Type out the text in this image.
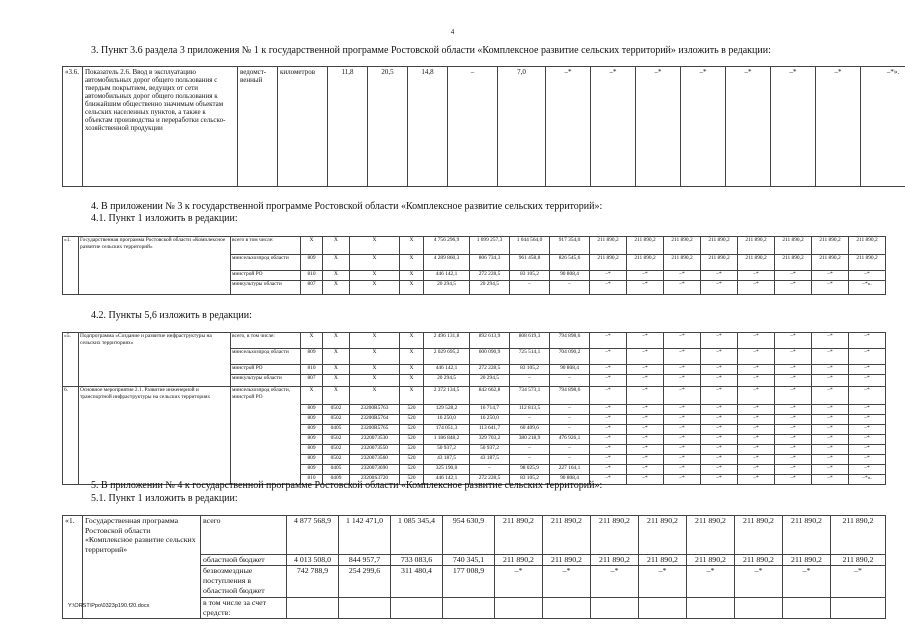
4
3. Пункт 3.6 раздела 3 приложения № 1 к государственной программе Ростовской области «Комплексное развитие сельских территорий» изложить в редакции:
«3.6.	Показатель 2.6. Ввод в эксплуатацию автомобильных дорог общего пользования с твердым покрытием, ведущих от сети автомобильных дорог общего пользования к ближайшим общественно значимым объектам сельских населенных пунктов, а также к объектам производства и переработки сельско-хозяйственной продукции	ведомст-венный	километров	11,8	20,5	14,8	–	7,0	–*	–*	–*	–*	–*	–*	–*	–*».
4. В приложении № 3 к государственной программе Ростовской области «Комплексное развитие сельских территорий»:
4.1. Пункт 1 изложить в редакции:
«1.	Государственная программа Ростовской области «Комплексное развитие сельских территорий»	всего в том числе:	X	X	X	X	4 756 296,9	1 099 257,3	1 044 564,0	917 354,0	211 890,2	211 890,2	211 890,2	211 890,2	211 890,2	211 890,2	211 890,2	211 890,2
		минсельхозпрод области	809	X	X	X	4 289 860,3	806 734,3	961 458,8	826 545,6	211 890,2	211 890,2	211 890,2	211 890,2	211 890,2	211 890,2	211 890,2	211 890,2
		минстрой РО	810	X	X	X	446 142,1	272 228,5	83 105,2	90 808,4	–*	–*	–*	–*	–*	–*	–*	–*
		минкультуры области	807	X	X	X	20 294,5	20 294,5	–	–	–*	–*	–*	–*	–*	–*	–*	–*».
4.2. Пункты 5,6 изложить в редакции:
«5.	Подпрограмма «Создание и развитие инфраструктуры на сельских территориях»	всего, в том числе:	X	X	X	X	2 496 131,8	892 613,9	808 619,3	794 898,6	–*	–*	–*	–*	–*	–*	–*	–*
		минсельхозпрод области	809	X	X	X	2 029 695,2	600 090,9	725 514,1	704 090,2	–*	–*	–*	–*	–*	–*	–*	–*
		минстрой РО	810	X	X	X	446 142,1	272 228,5	83 105,2	90 808,4	–*	–*	–*	–*	–*	–*	–*	–*
		минкультуры области	807	X	X	X	20 294,5	20 294,5	–	–	–*	–*	–*	–*	–*	–*	–*	–*
6.	Основное мероприятие 2.1. Развитие инженерной и транспортной инфраструктуры на сельских территориях	минсельхозпрод области, минстрой РО	X	X	X	X	2 372 134,5	842 662,8	734 573,1	794 898,6	–*	–*	–*	–*	–*	–*	–*	–*
			809	0502	23200R5763	520	129 528,2	16 714,7	112 813,5	–	–*	–*	–*	–*	–*	–*	–*	–*
			809	0502	23200R5764	520	16 250,0	16 250,0	–	–	–*	–*	–*	–*	–*	–*	–*	–*
			809	0405	23200R5765	520	174 051,3	113 641,7	60 409,6	–	–*	–*	–*	–*	–*	–*	–*	–*
			809	0502	2320073530	520	1 186 848,2	329 703,2	380 218,9	476 926,1	–*	–*	–*	–*	–*	–*	–*	–*
			809	0502	2320073550	520	50 937,2	50 937,2	–	–	–*	–*	–*	–*	–*	–*	–*	–*
			809	0502	2320073560	520	43 187,5	43 187,5	–	–	–*	–*	–*	–*	–*	–*	–*	–*
			809	0405	2320073690	520	325 190,0	–	98 025,9	227 164,1	–*	–*	–*	–*	–*	–*	–*	–*
			810	0409	23200S3720	520	446 142,1	272 228,5	83 105,2	90 808,4	–*	–*	–*	–*	–*	–*	–*	–*».
5. В приложении № 4 к государственной программе Ростовской области «Комплексное развитие сельских территорий»:
5.1. Пункт 1 изложить в редакции:
«1.	Государственная программа Ростовской области «Комплексное развитие сельских территорий»	всего	4 877 568,9	1 142 471,0	1 085 345,4	954 630,9	211 890,2	211 890,2	211 890,2	211 890,2	211 890,2	211 890,2	211 890,2	211 890,2
		областной бюджет	4 013 508,0	844 957,7	733 083,6	740 345,1	211 890,2	211 890,2	211 890,2	211 890,2	211 890,2	211 890,2	211 890,2	211 890,2
		безвозмездные поступления в областной бюджет	742 788,9	254 299,6	311 480,4	177 008,9	–*	–*	–*	–*	–*	–*	–*	–*
		в том числе за счет средств:												
Y:\ORST\Ppo\0323p190.f20.docx
